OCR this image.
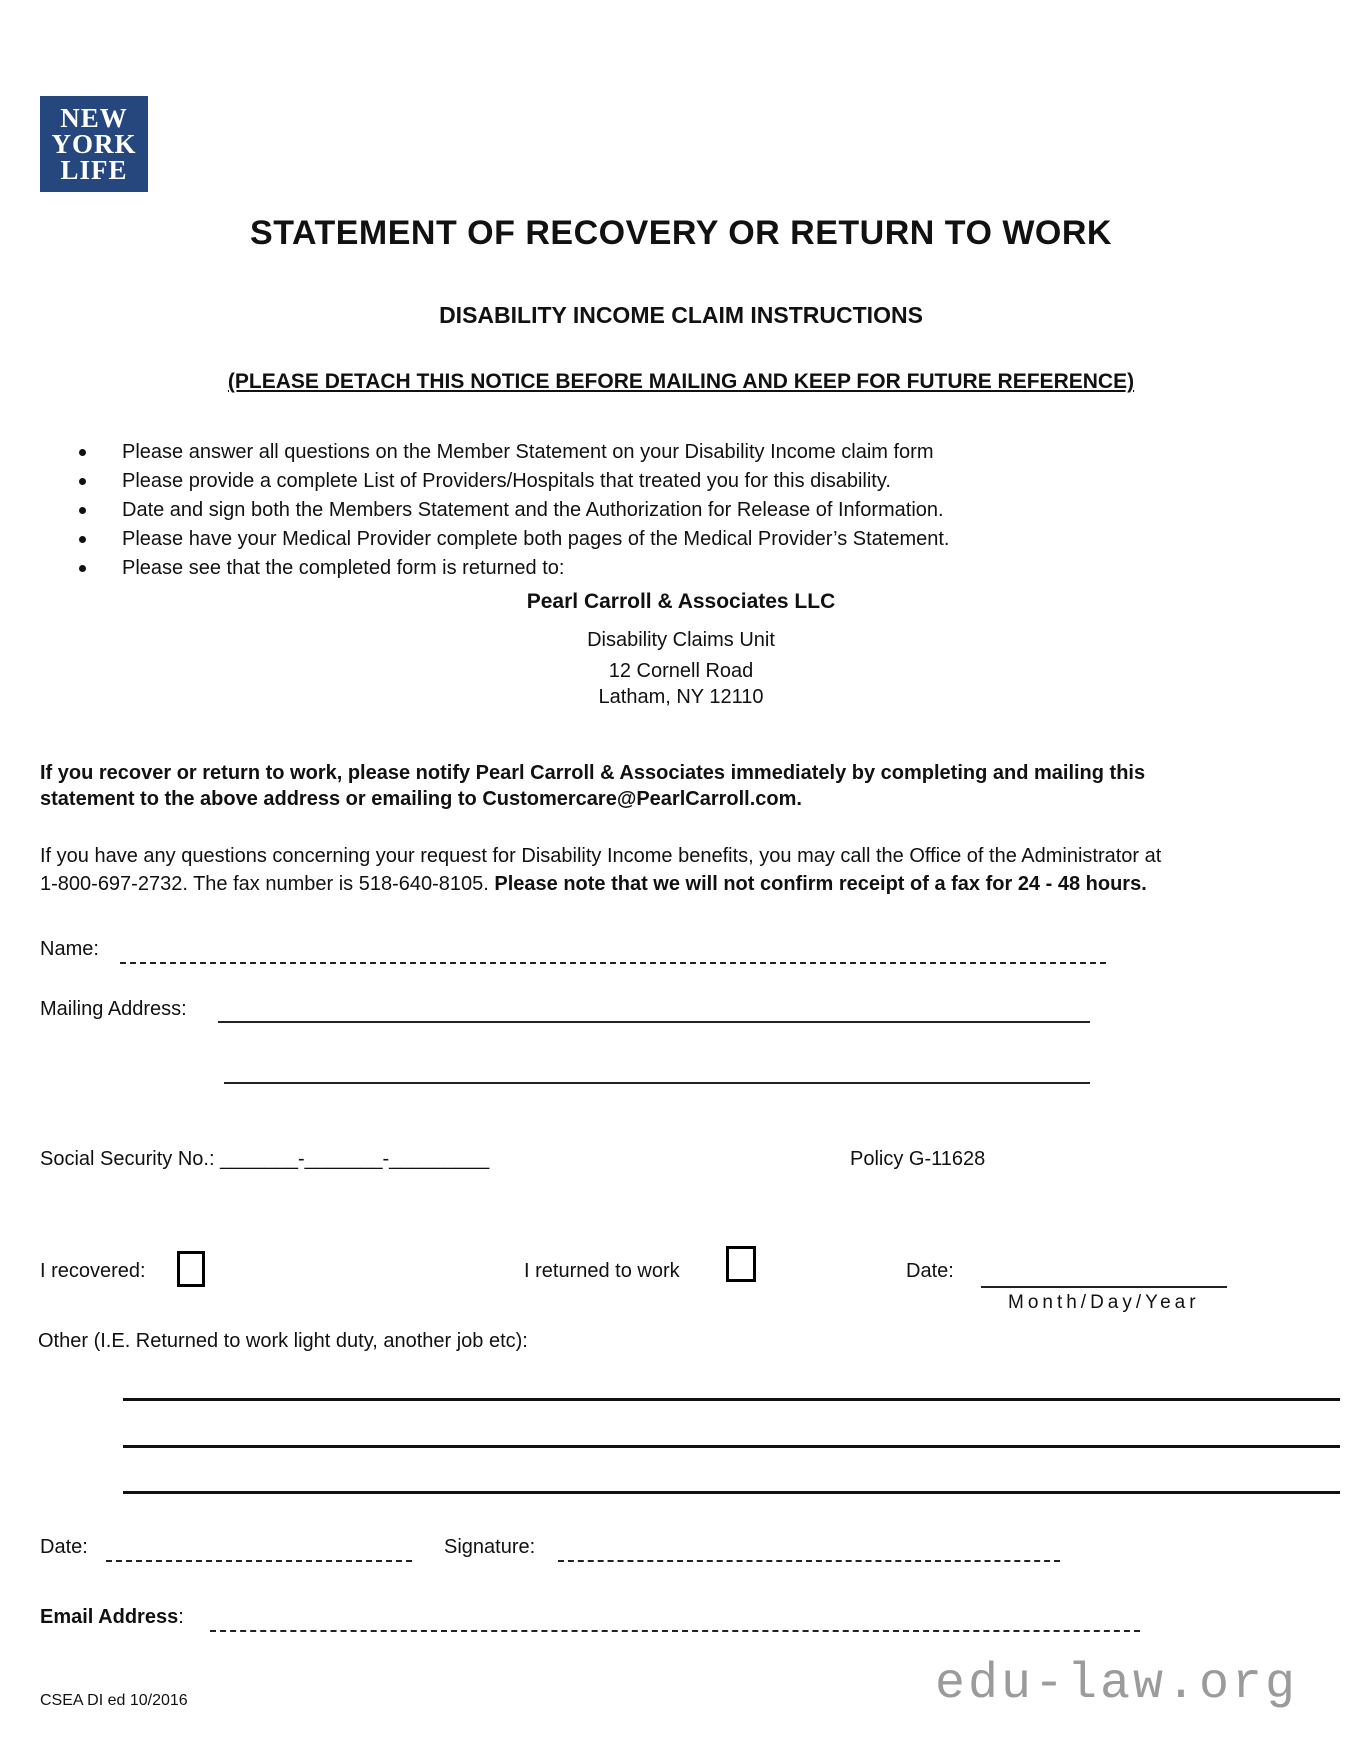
NEW
YORK
LIFE
STATEMENT OF RECOVERY OR RETURN TO WORK
DISABILITY INCOME CLAIM INSTRUCTIONS
(PLEASE DETACH THIS NOTICE BEFORE MAILING AND KEEP FOR FUTURE REFERENCE)
Please answer all questions on the Member Statement on your Disability Income claim form
Please provide a complete List of Providers/Hospitals that treated you for this disability.
Date and sign both the Members Statement and the Authorization for Release of Information.
Please have your Medical Provider complete both pages of the Medical Provider’s Statement.
Please see that the completed form is returned to:
Pearl Carroll & Associates LLC
Disability Claims Unit
12 Cornell Road
Latham, NY 12110
If you recover or return to work, please notify Pearl Carroll & Associates immediately by completing and mailing this
statement to the above address or emailing to Customercare@PearlCarroll.com.
If you have any questions concerning your request for Disability Income benefits, you may call the Office of the Administrator at
1-800-697-2732. The fax number is 518-640-8105. Please note that we will not confirm receipt of a fax for 24 - 48 hours.
Name:
Mailing Address:
Social Security No.: _______-_______-_________	Policy G-11628
I recovered:	I returned to work	Date:
Month/Day/Year
Other (I.E. Returned to work light duty, another job etc):
Date:	Signature:
Email Address:
CSEA DI ed 10/2016	edu-law.org
